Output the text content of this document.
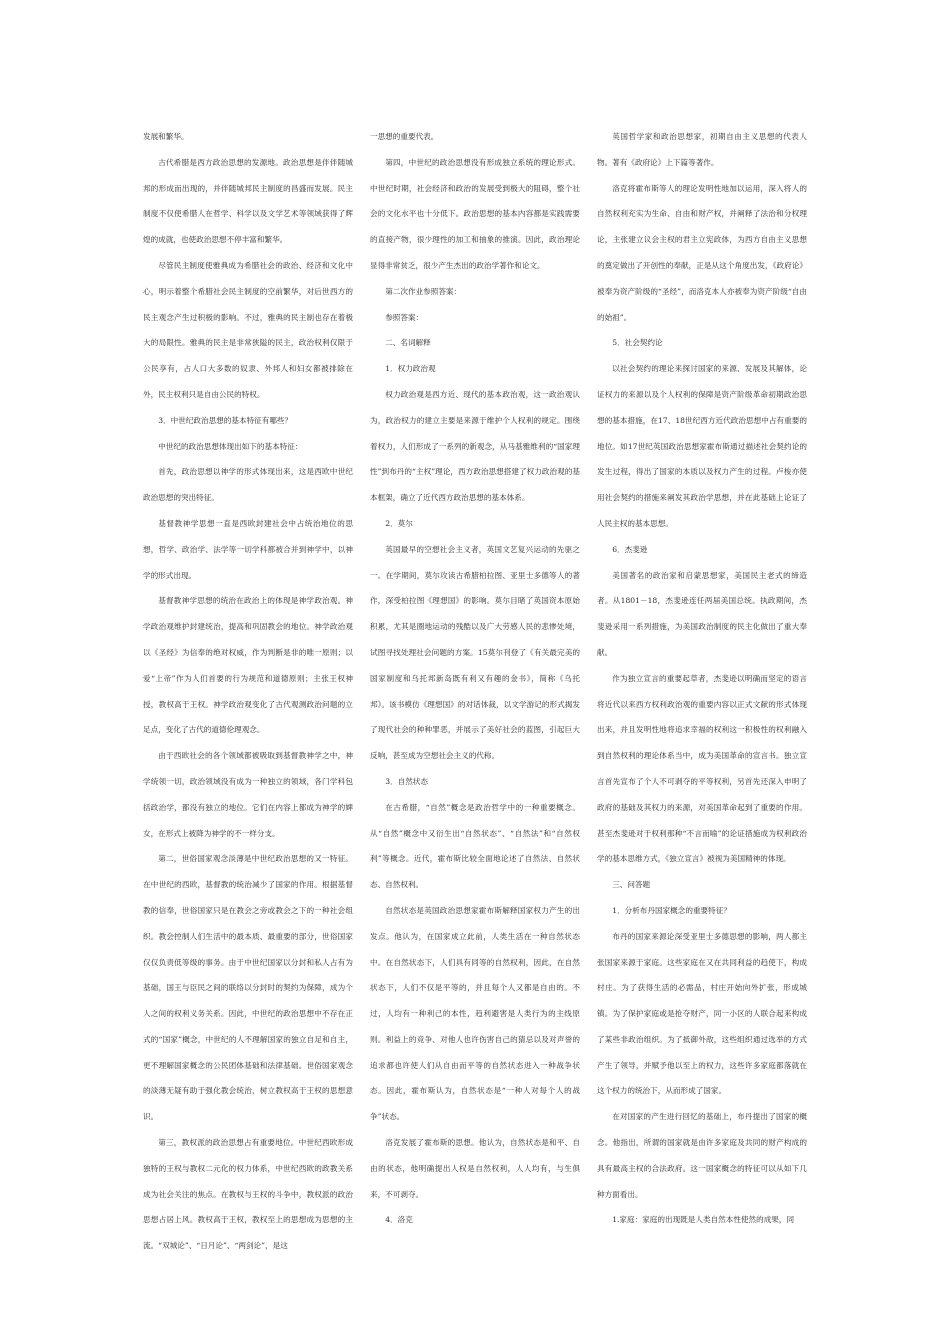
发展和繁华。

古代希腊是西方政治思想的发源地。政治思想是伴伴随城邦的形成而出现的，并伴随城邦民主制度的昌盛而发展。民主制度不仅使希腊人在哲学、科学以及文学艺术等领域获得了辉煌的成就，也使政治思想不停丰富和繁华。

尽管民主制度使雅典成为希腊社会的政治、经济和文化中心，明示着整个希腊社会民主制度的空前繁华，对后世西方的民主观念产生过积极的影响。不过，雅典的民主制也存在着极大的局限性。雅典的民主是非常狭隘的民主，政治权利仅限于公民享有，占人口大多数的奴隶、外邦人和妇女都被排除在外，民主权利只是自由公民的特权。

3．中世纪政治思想的基本特征有哪些？

中世纪的政治思想体现出如下的基本特征：

首先，政治思想以神学的形式体现出来，这是西欧中世纪政治思想的突出特征。

基督教神学思想一直是西欧封建社会中占统治地位的思想，哲学、政治学、法学等一切学科都被合并到神学中，以神学的形式出现。

基督教神学思想的统治在政治上的体现是神学政治观。神学政治观维护封建统治，提高和巩固教会的地位。神学政治观以《圣经》为信奉的绝对权威，作为判断是非的唯一原则；以爱“上帝”作为人们首要的行为规范和道德原则；主张王权神授，教权高于王权。神学政治观变化了古代观测政治问题的立足点，变化了古代的道德伦理观念。

由于西欧社会的各个领域都被吸取到基督教神学之中，神学统领一切，政治领域没有成为一种独立的领域，各门学科包括政治学，都没有独立的地位。它们在内容上都成为神学的婢女，在形式上被降为神学的不一样分支。

第二，世俗国家观念淡薄是中世纪政治思想的又一特征。在中世纪的西欧，基督教的统治减少了国家的作用。根据基督教的信奉，世俗国家只是在教会之旁或教会之下的一种社会组织。教会控制人们生活中的最本质、最重要的部分，世俗国家仅仅负责低等级的事务。由于中世纪国家以分封和私人占有为基础，国王与臣民之间的联络以分封时的契约为保障，成为个人之间的权利义务关系。因此，中世纪的政治思想中不存在正式的“国家”概念，中世纪的人不理解国家的独立自足和自主，更不理解国家概念的公民团体基础和法律基础。世俗国家观念的淡薄无疑有助于强化教会统治，树立教权高于王权的思想意识。

第三，教权派的政治思想占有重要地位。中世纪西欧形成独特的王权与教权二元化的权力体系，中世纪西欧的政教关系成为社会关注的焦点。在教权与王权的斗争中，教权派的政治思想占居上风。教权高于王权，教权至上的思想成为思想的主流。“双城论”、“日月论”、“两剑论”，是这

一思想的重要代表。

第四，中世纪的政治思想没有形成独立系统的理论形式。中世纪时期，社会经济和政治的发展受到极大的阻碍，整个社会的文化水平也十分低下。政治思想的基本内容都是实践需要的直接产物，很少理性的加工和抽象的推演。因此，政治理论显得非常贫乏，很少产生杰出的政治学著作和论文。

第二次作业参照答案：

参照答案：

二、名词解释

1．权力政治观

权力政治观是西方近、现代的基本政治观，这一政治观认为，政治权力的建立主要是来源于维护个人权利的规定。围绕着权力，人们形成了一系列的新观念，从马基雅维利的“国家理性”到布丹的“主权”理论，西方政治思想搭建了权力政治观的基本框架，确立了近代西方政治思想的基本体系。

2．莫尔

英国最早的空想社会主义者，英国文艺复兴运动的先驱之一。在学期间，莫尔攻读古希腊柏拉图、亚里士多德等人的著作，深受柏拉图《理想国》的影响。莫尔目睹了英国资本原始积累，尤其是圈地运动的残酷以及广大劳感人民的悲惨处境，试图寻找处理社会问题的方案。15莫尔刊登了《有关最完美的国家制度和乌托邦新岛既有利又有趣的金书》，简称《乌托邦》。该书模仿《理想国》的对话体裁，以文学游记的形式揭发了现代社会的种种罪恶，并展示了美好社会的蓝图，引起巨大反响，甚至成为空想社会主义的代称。

3．自然状态

在古希腊，“自然”概念是政治哲学中的一种重要概念。从“自然”概念中又衍生出“自然状态”、“自然法”和“自然权利”等概念。近代，霍布斯比较全面地论述了自然法、自然状态、自然权利。

自然状态是英国政治思想家霍布斯解释国家权力产生的出发点。他认为，在国家成立此前，人类生活在一种自然状态中。在自然状态下，人们具有同等的自然权利，因此，在自然状态下，人们不仅是平等的，并且每个人又都是自由的。不过，人均有一种利己的本性，趋利避害是人类行为的主线原则。利益上的竞争、对他人也许伤害自己的猜忌以及对声誉的追求都也许使人们从自由而平等的自然状态进入一种战争状态。因此，霍布斯认为，自然状态是“一种人对每个人的战争”状态。

洛克发展了霍布斯的思想。他认为，自然状态是和平、自由的状态，他明确提出人权是自然权利，人人均有，与生俱来，不可剥夺。

4．洛克

英国哲学家和政治思想家，初期自由主义思想的代表人物。著有《政府论》上下篇等著作。

洛克将霍布斯等人的理论发明性地加以运用，深入将人的自然权利充实为生命、自由和财产权，并阐释了法治和分权理论，主张建立议会主权的君主立宪政体，为西方自由主义思想的奠定做出了开创性的奉献，正是从这个角度出发，《政府论》被奉为资产阶级的“圣经”，而洛克本人亦被奉为资产阶级“自由的始祖”。

5．社会契约论

以社会契约的理论来探讨国家的来源、发展及其解体，论证权力的来源以及个人权利的保障是资产阶级革命初期政治思想的基本措施，在17、18世纪西方近代政治思想中占有重要的地位。如17世纪英国政治思想家霍布斯通过描述社会契约论的发生过程，得出了国家的本质以及权力产生的过程。卢梭亦使用社会契约的措施来阐发其政治学思想，并在此基础上论证了人民主权的基本思想。

6．杰斐逊

美国著名的政治家和启蒙思想家，美国民主老式的缔造者。从1801－18，杰斐逊连任两届美国总统。执政期间，杰斐逊采用一系列措施，为美国政治制度的民主化做出了重大奉献。

作为独立宣言的重要起草者，杰斐逊以明确而坚定的语言将近代以来西方权利政治观的重要内容以正式文献的形式体现出来，并且发明性地将追求幸福的权利这一积极性的权利融入到自然权利的理论体系当中，成为美国革命的宣言书。独立宣言首先宣布了个人不可剥夺的平等权利，另首先还深入申明了政府的基础及其权力的来源，对美国革命起到了重要的作用。甚至杰斐逊对于权利那种“不言而喻”的论证措施成为权利政治学的基本思维方式，《独立宣言》被视为美国精神的体现。

三、问答题

1．分析布丹国家概念的重要特征？

布丹的国家来源论深受亚里士多德思想的影响，两人都主张国家来源于家庭。这些家庭在又在共同利益的趋使下，构成村庄。为了获得生活的必需品，村庄开始向外扩张，形成城镇。为了保护家庭或是抢夺财产，同一小区的人联合起来构成了某些非政治组织。为了抵御外敌，这些组织通过选举的方式产生了领导，并赋予他以至上的权力，这些许多家庭都落就在这个权力的统治下，从而形成了国家。

在对国家的产生进行回忆的基础上，布丹提出了国家的概念。他指出，所谓的国家就是由许多家庭及共同的财产构成的具有最高主权的合法政府。这一国家概念的特征可以从如下几种方面看出。

1.家庭：家庭的出现既是人类自然本性使然的成果，同
